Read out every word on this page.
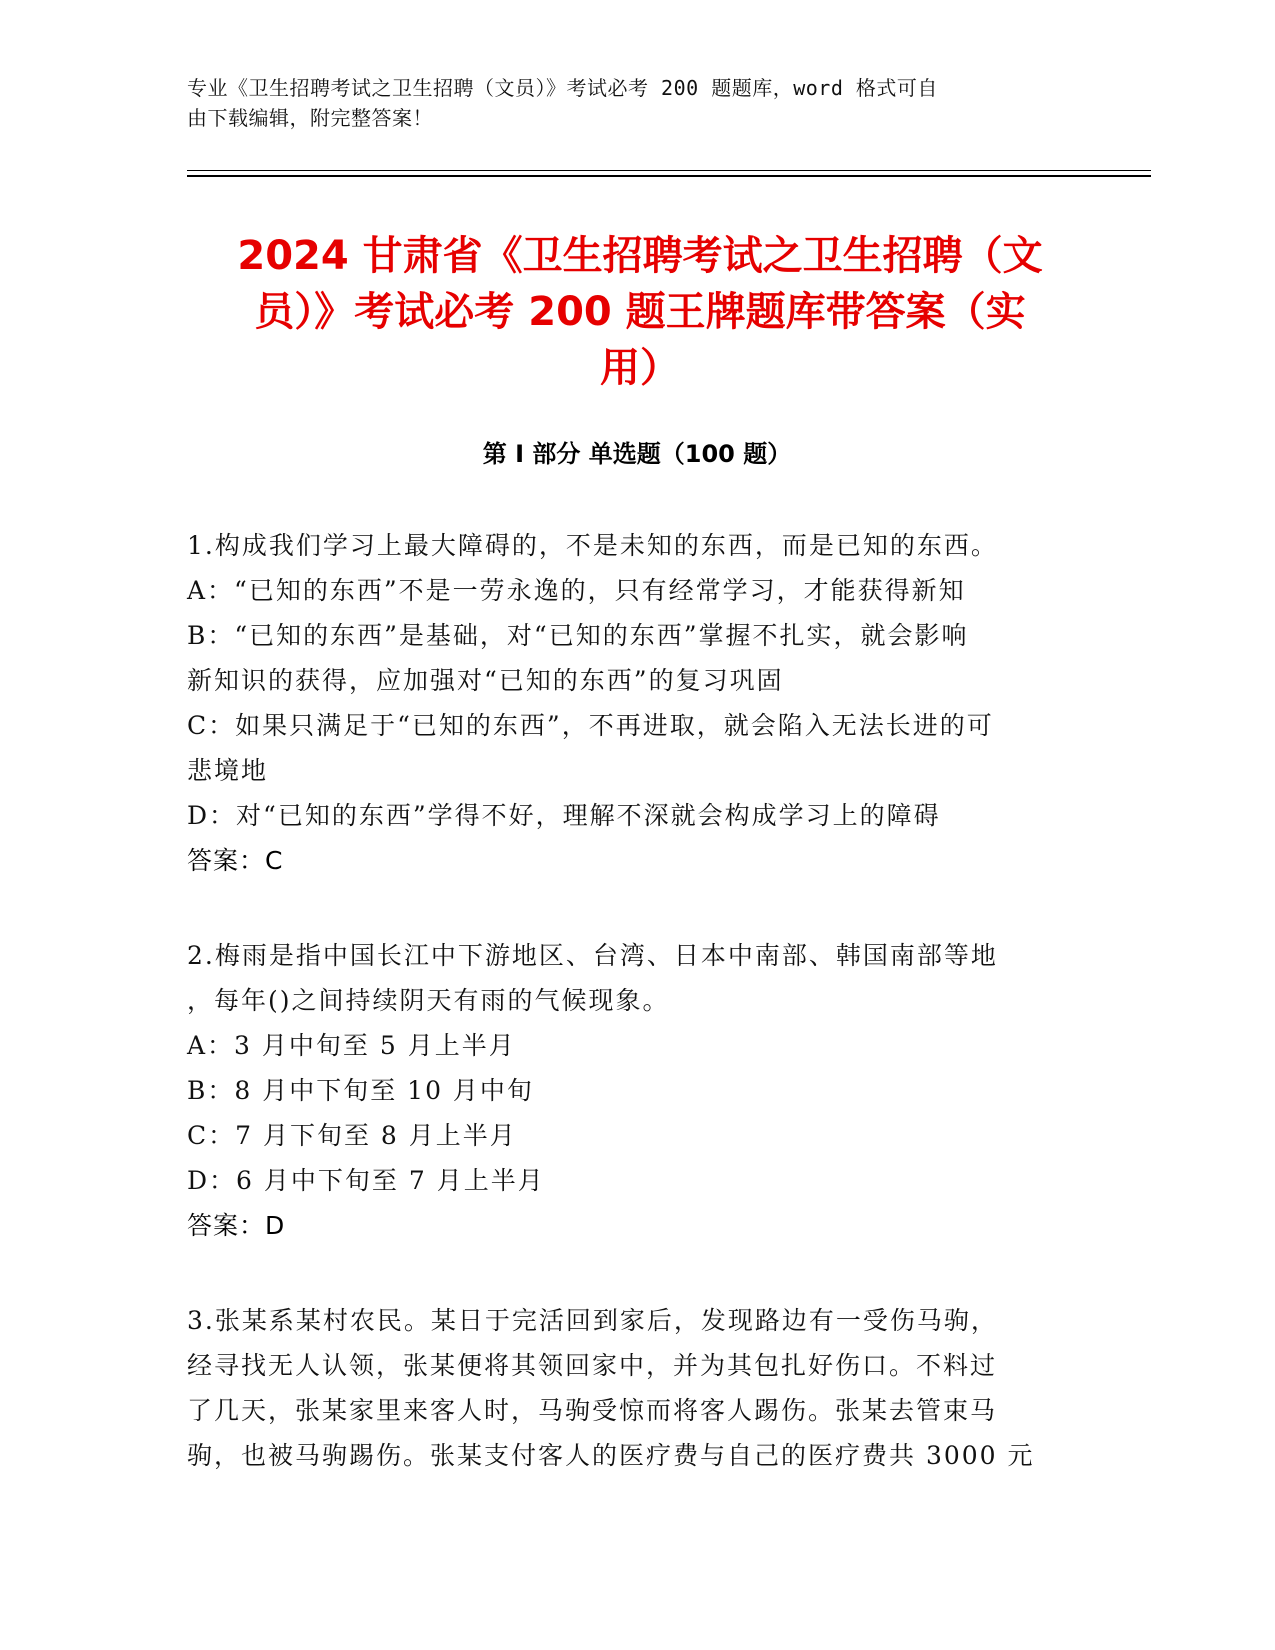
专业《卫生招聘考试之卫生招聘（文员）》考试必考 200 题题库，word 格式可自
由下载编辑，附完整答案！
2024 甘肃省《卫生招聘考试之卫生招聘（文
员）》考试必考 200 题王牌题库带答案（实
用）
第 I 部分 单选题（100 题）
1.构成我们学习上最大障碍的，不是未知的东西，而是已知的东西。
A：“已知的东西”不是一劳永逸的，只有经常学习，才能获得新知
B：“已知的东西”是基础，对“已知的东西”掌握不扎实，就会影响
新知识的获得，应加强对“已知的东西”的复习巩固
C：如果只满足于“已知的东西”，不再进取，就会陷入无法长进的可
悲境地
D：对“已知的东西”学得不好，理解不深就会构成学习上的障碍
答案：C
2.梅雨是指中国长江中下游地区、台湾、日本中南部、韩国南部等地
，每年()之间持续阴天有雨的气候现象。
A：3 月中旬至 5 月上半月
B：8 月中下旬至 10 月中旬
C：7 月下旬至 8 月上半月
D：6 月中下旬至 7 月上半月
答案：D
3.张某系某村农民。某日于完活回到家后，发现路边有一受伤马驹，
经寻找无人认领，张某便将其领回家中，并为其包扎好伤口。不料过
了几天，张某家里来客人时，马驹受惊而将客人踢伤。张某去管束马
驹，也被马驹踢伤。张某支付客人的医疗费与自己的医疗费共 3000 元
